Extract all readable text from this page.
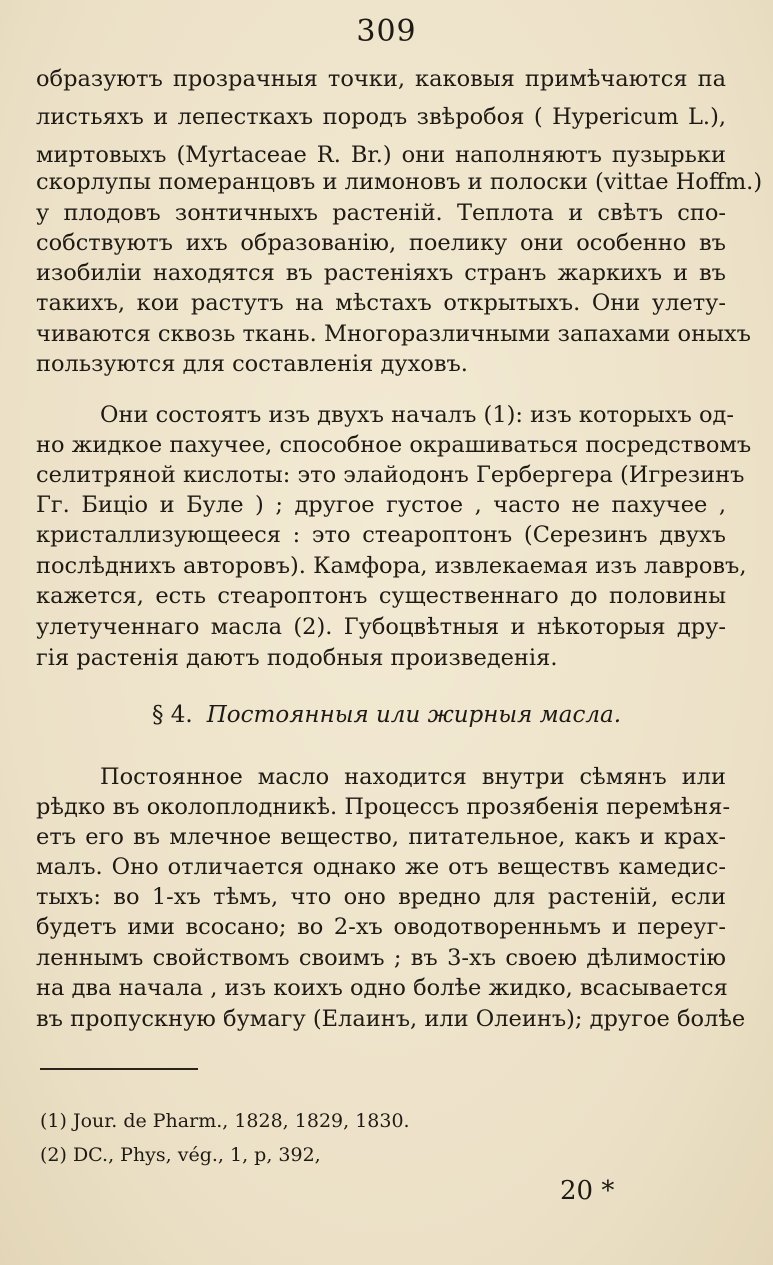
309
образуютъ прозрачныя точки, каковыя примѣчаются па
листьяхъ и лепесткахъ породъ звѣробоя ( Hypericum L.),
миртовыхъ (Myrtaceae R. Br.) они наполняютъ пузырьки
скорлупы померанцовъ и лимоновъ и полоски (vittae Hoffm.)
у плодовъ зонтичныхъ растеній. Теплота и свѣтъ спо-
собствуютъ ихъ образованію, поелику они особенно въ
изобиліи находятся въ растеніяхъ странъ жаркихъ и въ
такихъ, кои растутъ на мѣстахъ открытыхъ. Они улету-
чиваются сквозь ткань. Многоразличными запахами оныхъ
пользуются для составленія духовъ.
Они состоятъ изъ двухъ началъ (1): изъ которыхъ од-
но жидкое пахучее, способное окрашиваться посредствомъ
селитряной кислоты: это элайодонъ Гербергера (Игрезинъ
Гг. Биціо и Буле ) ; другое густое , часто не пахучее ,
кристаллизующееся : это стеароптонъ (Серезинъ двухъ
послѣднихъ авторовъ). Камфора, извлекаемая изъ лавровъ,
кажется, есть стеароптонъ существеннаго до половины
улетученнаго масла (2). Губоцвѣтныя и нѣкоторыя дру-
гія растенія даютъ подобныя произведенія.
§ 4. Постоянныя или жирныя масла.
Постоянное масло находится внутри сѣмянъ или
рѣдко въ околоплодникѣ. Процессъ прозябенія перемѣня-
етъ его въ млечное вещество, питательное, какъ и крах-
малъ. Оно отличается однако же отъ веществъ камедис-
тыхъ: во 1-хъ тѣмъ, что оно вредно для растеній, если
будетъ ими всосано; во 2-хъ оводотворенньмъ и переуг-
леннымъ свойствомъ своимъ ; въ 3-хъ своею дѣлимостію
на два начала , изъ коихъ одно болѣе жидко, всасывается
въ пропускную бумагу (Елаинъ, или Олеинъ); другое болѣе
(1) Jour. de Pharm., 1828, 1829, 1830.
(2) DC., Phys, vég., 1, p, 392,
20 *
